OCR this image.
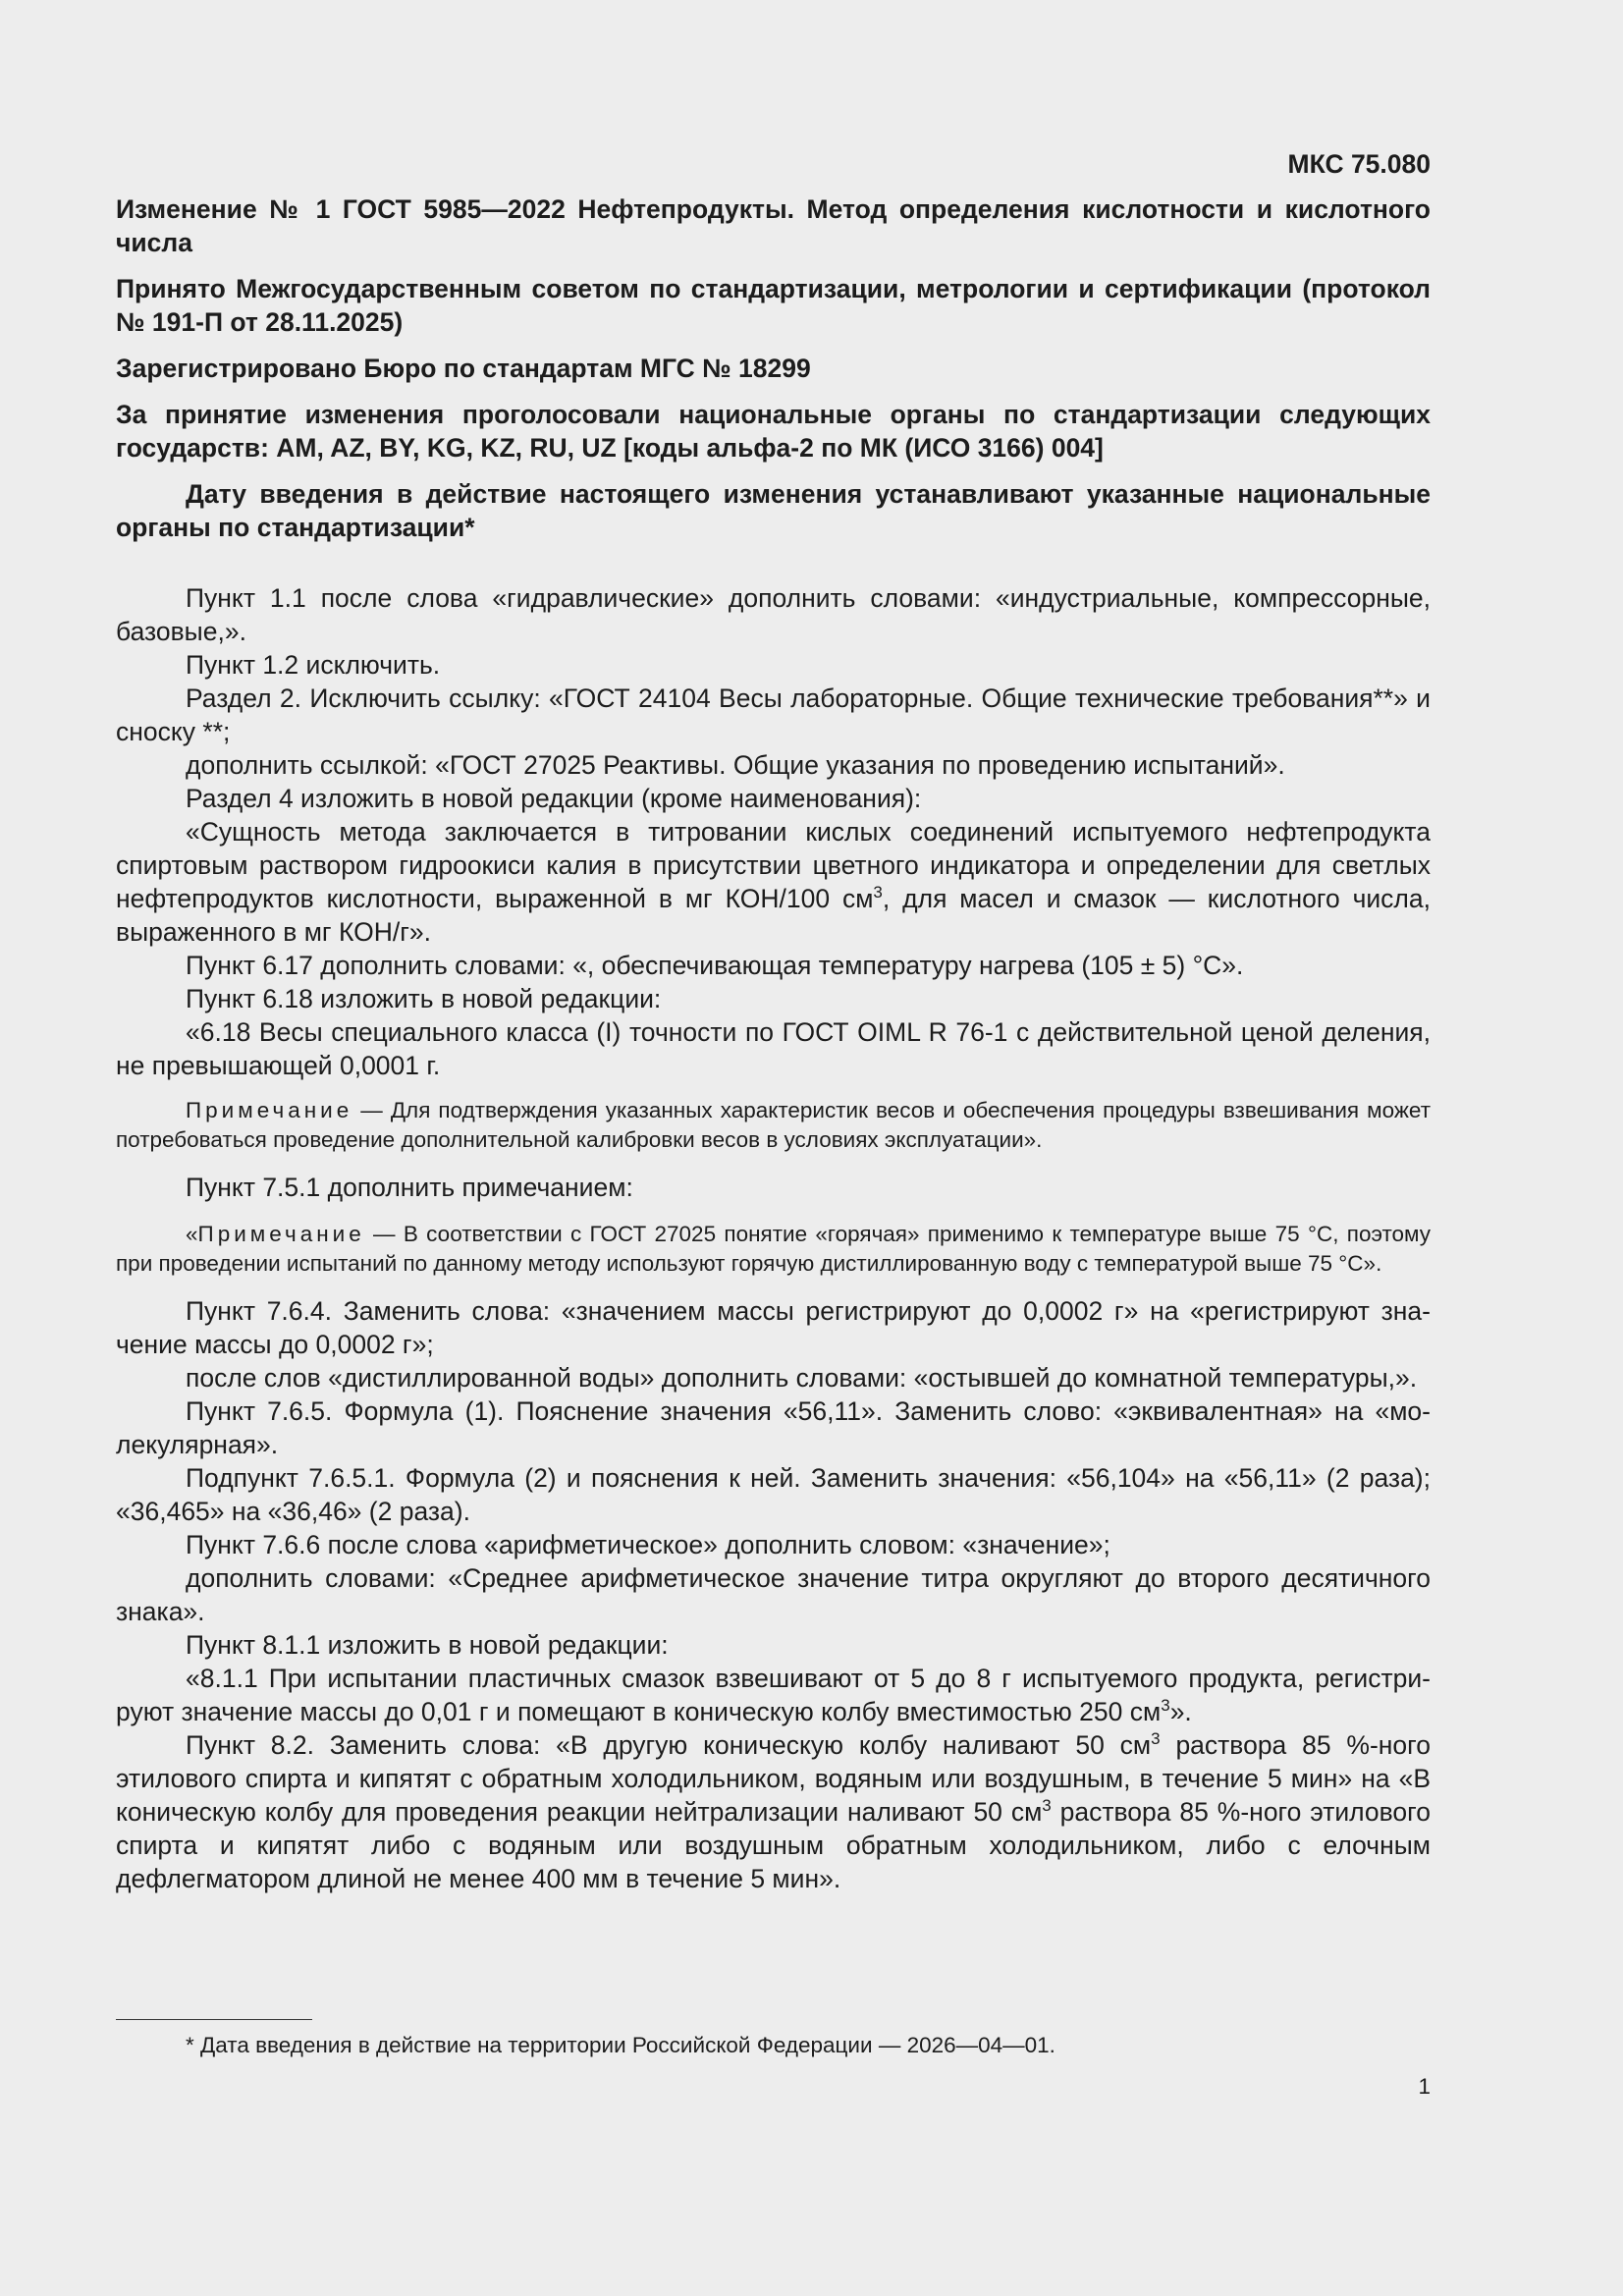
МКС 75.080
Изменение № 1 ГОСТ 5985—2022 Нефтепродукты. Метод определения кислотности и кислотного числа
Принято Межгосударственным советом по стандартизации, метрологии и сертификации (протокол № 191-П от 28.11.2025)
Зарегистрировано Бюро по стандартам МГС № 18299
За принятие изменения проголосовали национальные органы по стандартизации следующих государств: AM, AZ, BY, KG, KZ, RU, UZ [коды альфа-2 по МК (ИСО 3166) 004]
Дату введения в действие настоящего изменения устанавливают указанные национальные органы по стандартизации*

Пункт 1.1 после слова «гидравлические» дополнить словами: «индустриальные, компрессорные, базовые,».

Пункт 1.2 исключить.

Раздел 2. Исключить ссылку: «ГОСТ 24104 Весы лабораторные. Общие технические требования**» и сноску **;

дополнить ссылкой: «ГОСТ 27025 Реактивы. Общие указания по проведению испытаний».

Раздел 4 изложить в новой редакции (кроме наименования):

«Сущность метода заключается в титровании кислых соединений испытуемого нефтепродукта спиртовым раствором гидроокиси калия в присутствии цветного индикатора и определении для светлых нефтепродуктов кислотности, выраженной в мг КОН/100 $см^3$, для масел и смазок — кислотного числа, выраженного в мг КОН/г».

Пункт 6.17 дополнить словами: «, обеспечивающая температуру нагрева (105 ± 5) °С».

Пункт 6.18 изложить в новой редакции:

«6.18 Весы специального класса (I) точности по ГОСТ OIML R 76-1 с действительной ценой деления, не превышающей 0,0001 г.

Примечание — Для подтверждения указанных характеристик весов и обеспечения процедуры взвешивания может потребоваться проведение дополнительной калибровки весов в условиях эксплуатации».

Пункт 7.5.1 дополнить примечанием:

«Примечание — В соответствии с ГОСТ 27025 понятие «горячая» применимо к температуре выше 75 °С, поэтому при проведении испытаний по данному методу используют горячую дистиллированную воду с температурой выше 75 °С».

Пункт 7.6.4. Заменить слова: «значением массы регистрируют до 0,0002 г» на «регистрируют значение массы до 0,0002 г»;

после слов «дистиллированной воды» дополнить словами: «остывшей до комнатной температуры,».

Пункт 7.6.5. Формула (1). Пояснение значения «56,11». Заменить слово: «эквивалентная» на «молекулярная».

Подпункт 7.6.5.1. Формула (2) и пояснения к ней. Заменить значения: «56,104» на «56,11» (2 раза); «36,465» на «36,46» (2 раза).

Пункт 7.6.6 после слова «арифметическое» дополнить словом: «значение»;

дополнить словами: «Среднее арифметическое значение титра округляют до второго десятичного знака».

Пункт 8.1.1 изложить в новой редакции:

«8.1.1 При испытании пластичных смазок взвешивают от 5 до 8 г испытуемого продукта, регистрируют значение массы до 0,01 г и помещают в коническую колбу вместимостью 250 $см^3$».

Пункт 8.2. Заменить слова: «В другую коническую колбу наливают 50 $см^3$ раствора 85 %-ного этилового спирта и кипятят с обратным холодильником, водяным или воздушным, в течение 5 мин» на «В коническую колбу для проведения реакции нейтрализации наливают 50 $см^3$ раствора 85 %-ного этилового спирта и кипятят либо с водяным или воздушным обратным холодильником, либо с елочным дефлегматором длиной не менее 400 мм в течение 5 мин».

* Дата введения в действие на территории Российской Федерации — 2026—04—01.
1
